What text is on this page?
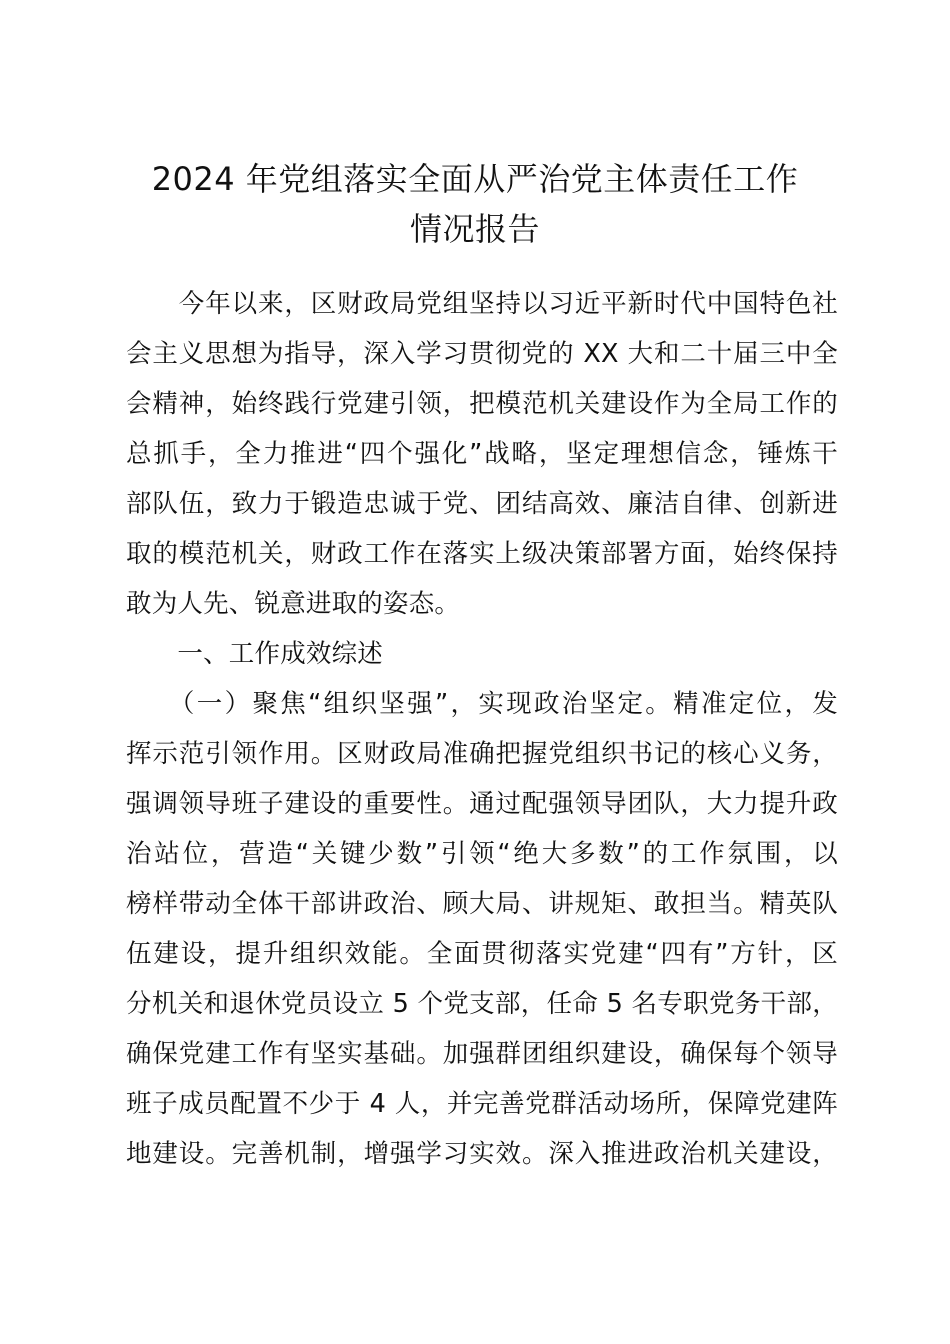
2024 年党组落实全面从严治党主体责任工作
情况报告
　　今年以来，区财政局党组坚持以习近平新时代中国特色社
会主义思想为指导，深入学习贯彻党的 XX 大和二十届三中全
会精神，始终践行党建引领，把模范机关建设作为全局工作的
总抓手，全力推进“四个强化”战略，坚定理想信念，锤炼干
部队伍，致力于锻造忠诚于党、团结高效、廉洁自律、创新进
取的模范机关，财政工作在落实上级决策部署方面，始终保持
敢为人先、锐意进取的姿态。
　　一、工作成效综述
　　（一）聚焦“组织坚强”，实现政治坚定。精准定位，发
挥示范引领作用。区财政局准确把握党组织书记的核心义务，
强调领导班子建设的重要性。通过配强领导团队，大力提升政
治站位，营造“关键少数”引领“绝大多数”的工作氛围，以
榜样带动全体干部讲政治、顾大局、讲规矩、敢担当。精英队
伍建设，提升组织效能。全面贯彻落实党建“四有”方针，区
分机关和退休党员设立 5 个党支部，任命 5 名专职党务干部，
确保党建工作有坚实基础。加强群团组织建设，确保每个领导
班子成员配置不少于 4 人，并完善党群活动场所，保障党建阵
地建设。完善机制，增强学习实效。深入推进政治机关建设，
